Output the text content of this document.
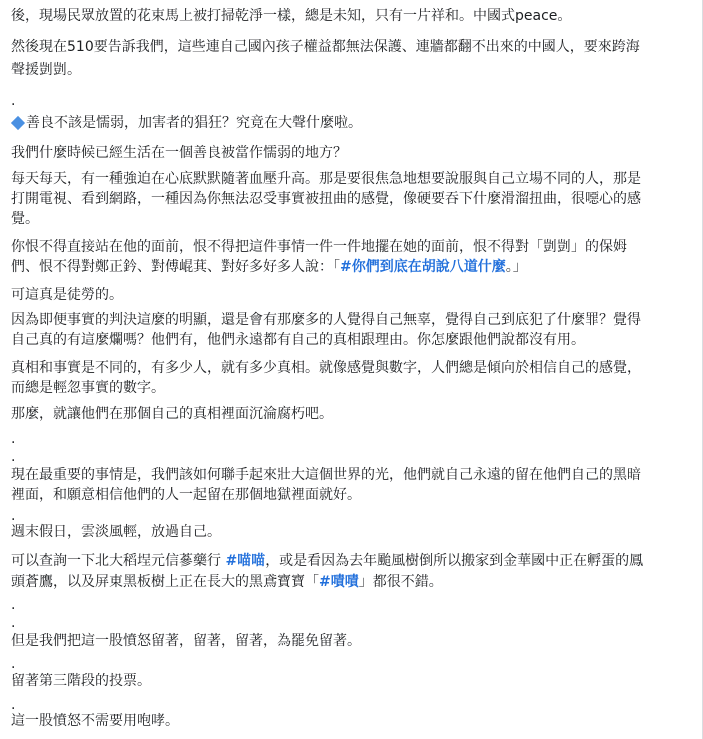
後，現場民眾放置的花束馬上被打掃乾淨一樣，總是未知，只有一片祥和。中國式peace。
然後現在510要告訴我們，這些連自己國內孩子權益都無法保護、連牆都翻不出來的中國人，要來跨海
聲援剴剴。
.
善良不該是懦弱，加害者的猖狂？究竟在大聲什麼啦。
我們什麼時候已經生活在一個善良被當作懦弱的地方？
每天每天，有一種強迫在心底默默隨著血壓升高。那是要很焦急地想要說服與自己立場不同的人，那是
打開電視、看到網路，一種因為你無法忍受事實被扭曲的感覺，像硬要吞下什麼滑溜扭曲，很噁心的感
覺。
你恨不得直接站在他的面前，恨不得把這件事情一件一件地擺在她的面前，恨不得對「剴剴」的保姆
們、恨不得對鄭正鈐、對傅崐萁、對好多好多人說：「#你們到底在胡說八道什麼。」
可這真是徒勞的。
因為即便事實的判決這麼的明顯，還是會有那麼多的人覺得自己無辜，覺得自己到底犯了什麼罪？覺得
自己真的有這麼爛嗎？他們有，他們永遠都有自己的真相跟理由。你怎麼跟他們說都沒有用。
真相和事實是不同的，有多少人，就有多少真相。就像感覺與數字，人們總是傾向於相信自己的感覺，
而總是輕忽事實的數字。
那麼，就讓他們在那個自己的真相裡面沉淪腐朽吧。
.
.
現在最重要的事情是，我們該如何聯手起來壯大這個世界的光，他們就自己永遠的留在他們自己的黑暗
裡面，和願意相信他們的人一起留在那個地獄裡面就好。
.
週末假日，雲淡風輕，放過自己。
可以查詢一下北大稻埕元信蔘藥行 #喵喵，或是看因為去年颱風樹倒所以搬家到金華國中正在孵蛋的鳳
頭蒼鷹，以及屏東黑板樹上正在長大的黑鳶寶寶「#嘖嘖」都很不錯。
.
.
但是我們把這一股憤怒留著，留著，留著，為罷免留著。
.
留著第三階段的投票。
.
這一股憤怒不需要用咆哮。
